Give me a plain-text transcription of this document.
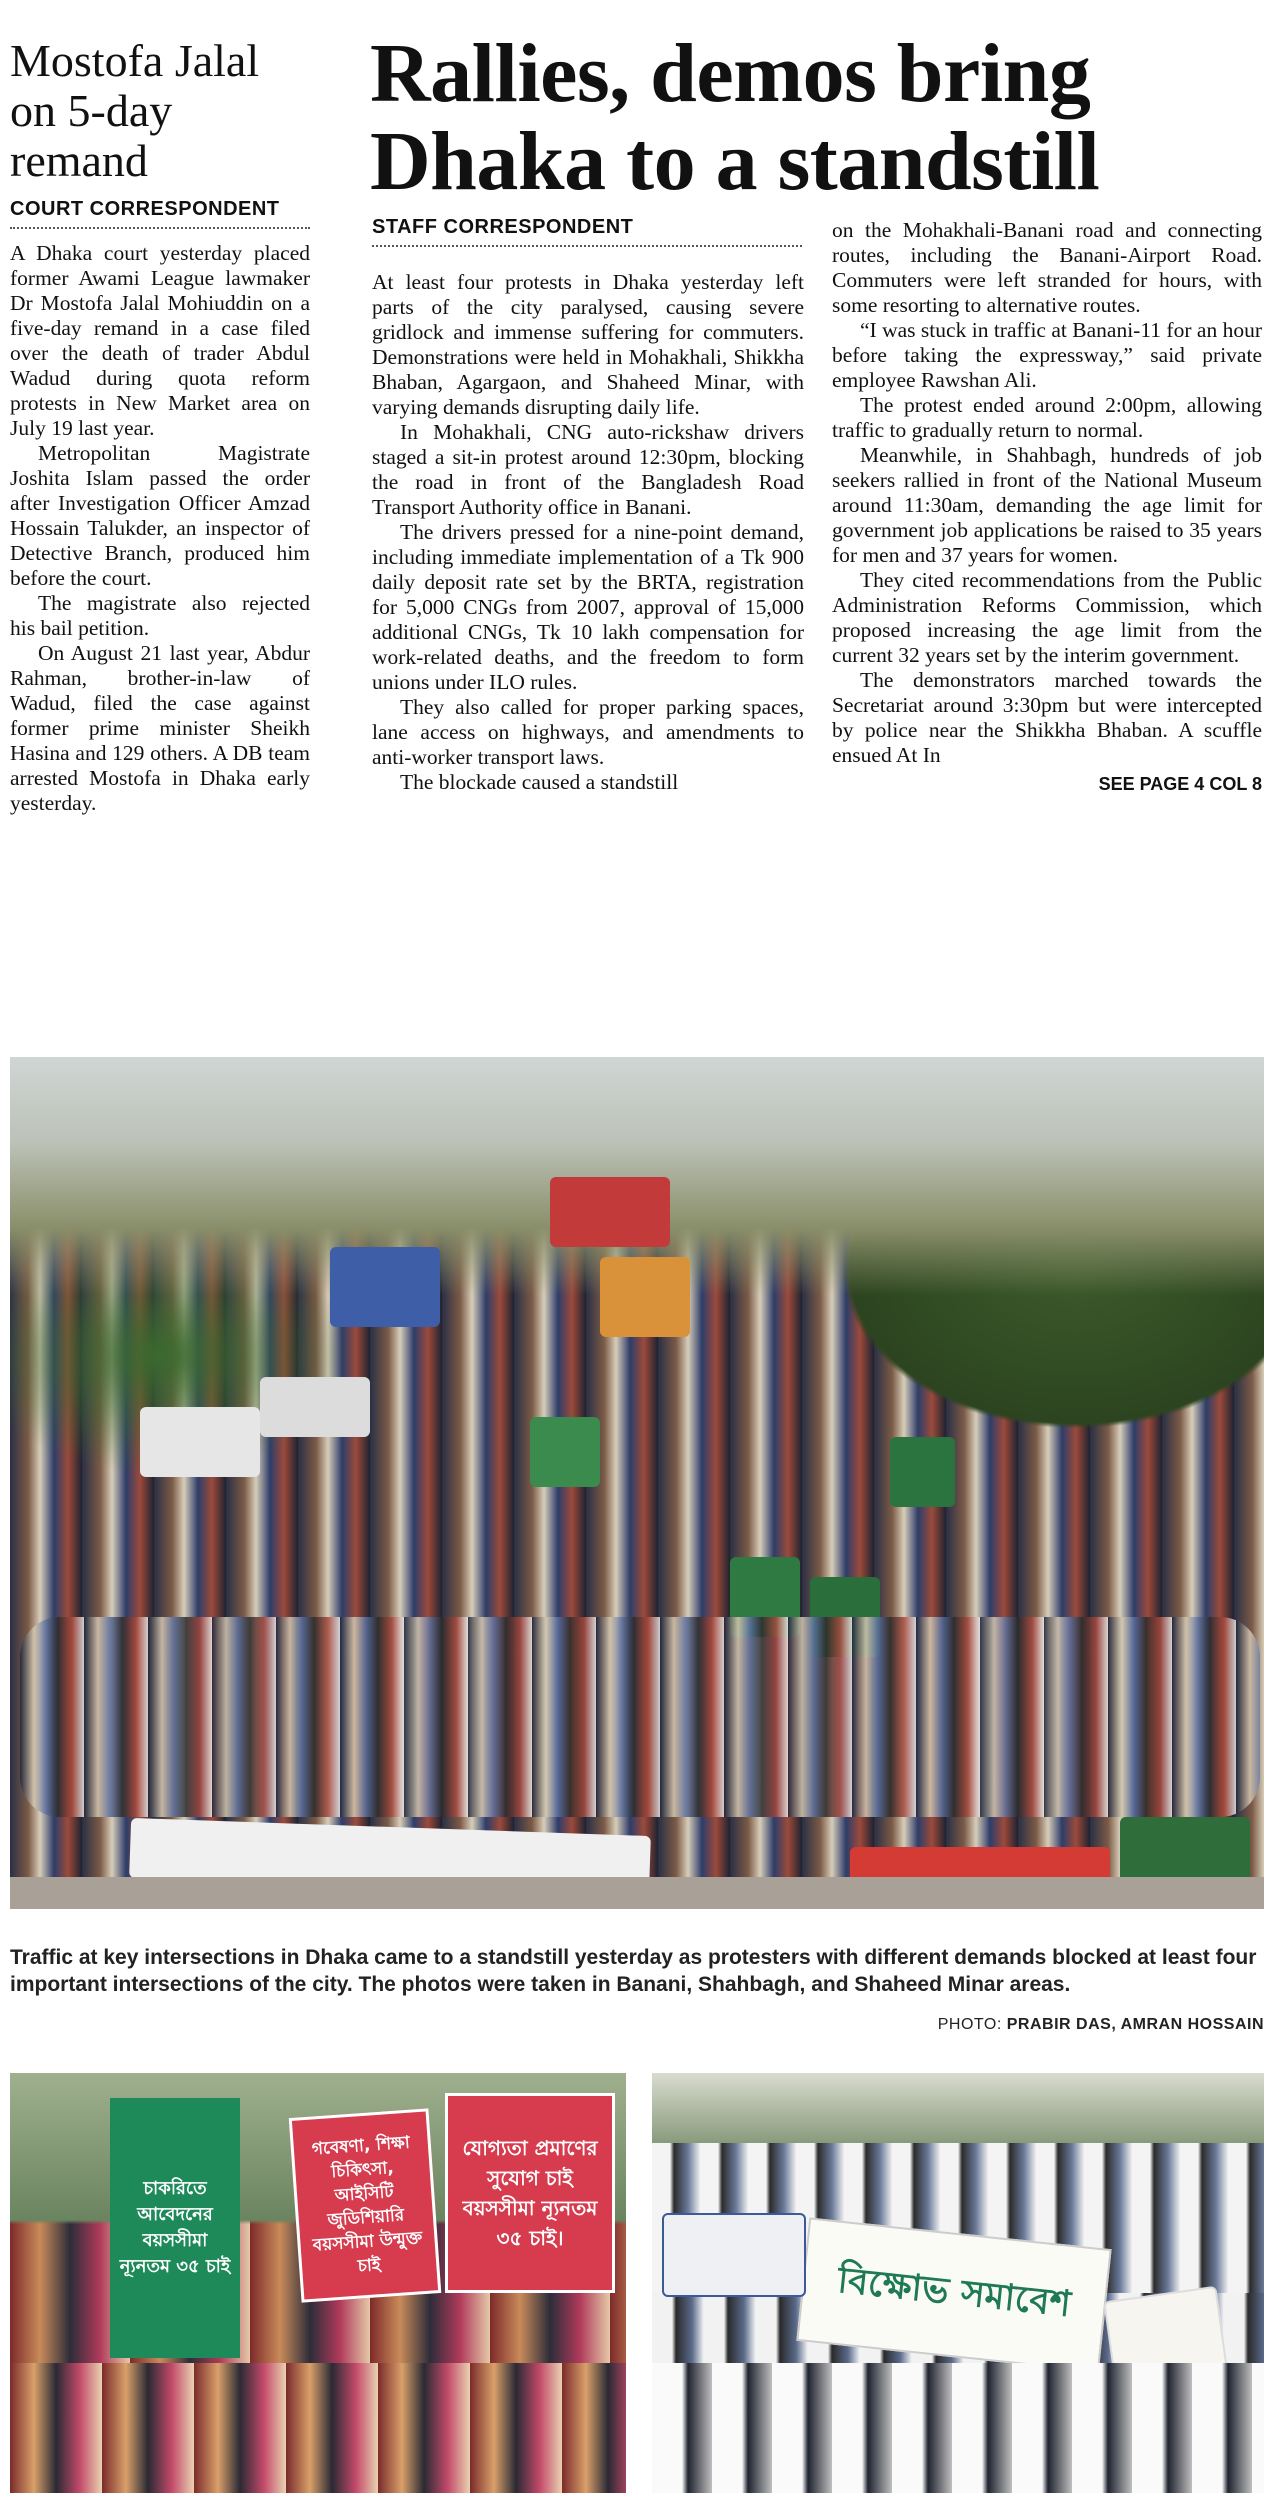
Mostofa Jalal on 5-day remand
COURT CORRESPONDENT

A Dhaka court yesterday placed former Awami League lawmaker Dr Mostofa Jalal Mohiuddin on a five-day remand in a case filed over the death of trader Abdul Wadud during quota reform protests in New Market area on July 19 last year.

Metropolitan Magistrate Joshita Islam passed the order after Investigation Officer Amzad Hossain Talukder, an inspector of Detective Branch, produced him before the court.

The magistrate also rejected his bail petition.

On August 21 last year, Abdur Rahman, brother-in-law of Wadud, filed the case against former prime minister Sheikh Hasina and 129 others. A DB team arrested Mostofa in Dhaka early yesterday.

Rallies, demos bring Dhaka to a standstill
STAFF CORRESPONDENT

At least four protests in Dhaka yesterday left parts of the city paralysed, causing severe gridlock and immense suffering for commuters. Demonstrations were held in Mohakhali, Shikkha Bhaban, Agargaon, and Shaheed Minar, with varying demands disrupting daily life.

In Mohakhali, CNG auto-rickshaw drivers staged a sit-in protest around 12:30pm, blocking the road in front of the Bangladesh Road Transport Authority office in Banani.

The drivers pressed for a nine-point demand, including immediate implementation of a Tk 900 daily deposit rate set by the BRTA, registration for 5,000 CNGs from 2007, approval of 15,000 additional CNGs, Tk 10 lakh compensation for work-related deaths, and the freedom to form unions under ILO rules.

They also called for proper parking spaces, lane access on highways, and amendments to anti-worker transport laws.

The blockade caused a standstill

on the Mohakhali-Banani road and connecting routes, including the Banani-Airport Road. Commuters were left stranded for hours, with some resorting to alternative routes.

“I was stuck in traffic at Banani-11 for an hour before taking the expressway,” said private employee Rawshan Ali.

The protest ended around 2:00pm, allowing traffic to gradually return to normal.

Meanwhile, in Shahbagh, hundreds of job seekers rallied in front of the National Museum around 11:30am, demanding the age limit for government job applications be raised to 35 years for men and 37 years for women.

They cited recommendations from the Public Administration Reforms Commission, which proposed increasing the age limit from the current 32 years set by the interim government.

The demonstrators marched towards the Secretariat around 3:30pm but were intercepted by police near the Shikkha Bhaban. A scuffle ensued At In

SEE PAGE 4 COL 8
Traffic at key intersections in Dhaka came to a standstill yesterday as protesters with different demands blocked at least four important intersections of the city. The photos were taken in Banani, Shahbagh, and Shaheed Minar areas.
PHOTO: PRABIR DAS, AMRAN HOSSAIN
চাকরিতে আবেদনের বয়সসীমা ন্যূনতম ৩৫ চাই
গবেষণা, শিক্ষা চিকিৎসা, আইসিটি জুডিশিয়ারি বয়সসীমা উন্মুক্ত চাই
যোগ্যতা প্রমাণের সুযোগ চাই বয়সসীমা ন্যূনতম ৩৫ চাই।
বিক্ষোভ সমাবেশ
